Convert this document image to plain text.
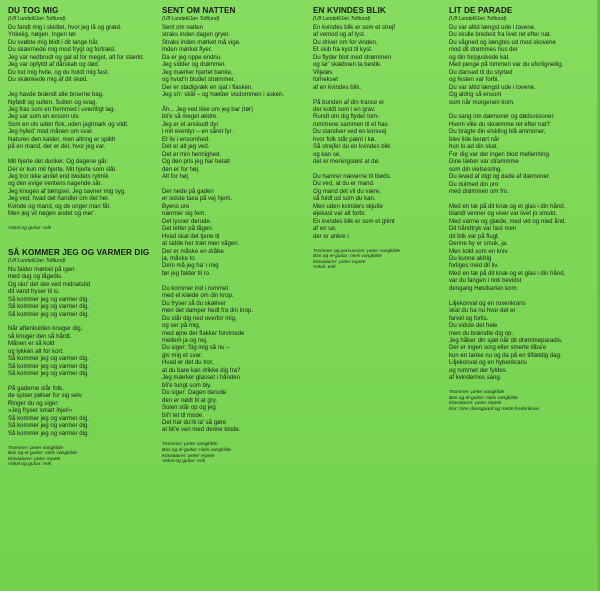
DU TOG MIG
(Ulf Lundell/Jan Toftlund)
Du fandt mig i skidtet, hvor jeg lå og græd.
Ynkelig, nøgen. Ingen tør.
Du svøbte mig blidt i dit lange hår.
Du skærmede mig mod frygt og fortræd.
Jeg var nedbrudt og gal af for meget, alt for stærkt.
Jeg var opfyldt af dårskab og død.
Du lod mig hvile, og du holdt mig fast.
Du skænkede mig af dit skød.
Jeg havde brændt alle broerne bag.
Nyfødt og sulten. Sulten og svag.
Jeg fras som en fremmed i uventligt lag.
Jeg var som en ensom ulv.
Som en ulv uden flok, uden jagtmark og vildt.
Jeg hyled' mod månen om svar.
Naturen den kalder, men altring er spildt
på en mand, der er dér, hvor jeg var.
Mit hjerte det dunker. Og dagene går.
Der er kun mit hjerte. Mit hjerte som slår.
Jeg tror ikke andet end blodets rytmik
og den evige ventens nagende sår.
Jeg knuges af tængsel. Jeg savner mig syg.
Jeg ved, hvad det handler om det her.
Kvinde og mand, og de unger man får.
Men jeg vil nøgen andet og mer'.
Vokal og guitar: erik
SÅ KOMMER JEG OG VARMER DIG
(Ulf Lundell/Jan Toftlund)
Nu falder mørket på igen
med dug og tågedis.
Og sku' det ske ved midnatstid
dit vand fryser til is.
Så kommer jeg og varmer dig.
Så kommer jeg og varmer dig.
Så kommer jeg og varmer dig.
Når aftenkulden knuger dig,
så knuger den så hårdt.
Månen er så kold
og lykken alt for kort.
Så kommer jeg og varmer dig.
Så kommer jeg og varmer dig.
Så kommer jeg og varmer dig.
På gaderne står folk,
de spiser pølser for sig selv.
Ringer du og siger:
»Jeg fryser smart ihjel!«
Så kommer jeg og varmer dig.
Så kommer jeg og varmer dig.
Så kommer jeg og varmer dig.
Trommer: peter vangkilde
Bas og el-guitar: niels vangkilde
Klaviaturer: peter repete
Vokal og guitar: erik
SENT OM NATTEN
(Ulf Lundell/Jan Toftlund)
Sent om natten
straks inden dagen gryer.
Straks inden mørket må vige.
Inden mørket flyer.
Da er jeg oppe endnu.
Jeg sidder og drømmer.
Jeg mærker hjertet banke,
og hvod'n blodet strømmer.
Der er stadigvæk en sjat i flasken.
Jeg si'r: skål – og hælder visdommen i asken.
Åh... Jeg ved ikke om jeg bar (tør)
bli'e så meget ældre.
Jeg er et anskudt dyr
i mit eventyr – en såret fyr.
Et liv i ensomhed.
Det er alt jeg ved.
Det er min hemlighed.
Og den pris jeg har betalt
den er for høj.
Alt for høj.
Der nede på gaden
er sidste taxa på vej hjem.
Byens ure
nærmer sig fem.
Det lysner derude.
Det letter på tågen.
Hvad skal det tjene til
at sidde her træt men vågen.
Der er måske en dråbe
ja, måske to.
Dem må jeg ha' i mig
før jeg falder til ro.
Du kommer ind i rummet
med et klæde om din krop.
Du fryser så du skælver
men det damper hedt fra din krop.
Du står dig ned overfor mig,
og ser på mig,
med øjne der flakker forvirrede
mellem ja og nej.
Du siger: Sig mig så nu –
giv mig et svar.
Hvad er det du tror,
at du bare kan drikke dig fra?
Jeg mærker glasset i hånden
bli'e tungt som bly.
Du siger: Dagen derude
den er nødt til at gry.
Solen står op og jeg
bli'r let til mode.
Det har du'rk la' så gøre
at bli'e ven med denne klode.
Trommer: peter vangkilde
Bas og el-guitar: niels vangkilde
Klaviaturer: peter repete
Vokal og guitar: erik
EN KVINDES BLIK
(Ulf Lundell/Jan Toftlund)
En kvindes blik er som et strejf
af vemod og af lyst.
Du driver om for vinden.
Et skib fra kyst til kyst.
Du flyder blot med strømmen
og lar' skæbnen ta bestik.
Viljeløs
forhekset
af en kvindes blik.
På bunden af din trance er
der koldt som i en grav.
Rundt om dig flyder tom-
rummene sammen til et hav.
Du standser ved en korsvej
hvor folk står pænt i kø.
Så strejfer du en kvindes blik
og kan se,
det er meningsløst at dø.
Du hamrer næverne til bløds.
Du ved, at du er mand.
Og mand det vil du være,
så fuldt ud som du kan.
Men uden kvinders skjulte
øjekast var alt forbi.
En kvindes blik er som et glimt
af en sø,
der er ankre i.
Trommer og percussion: peter vangkilde
Bas og el-guitar: niels vangkilde
Klaviaturer: peter repete
Vokal: erik
LIT DE PARADE
(Ulf Lundell/Jan Toftlund)
Du var altid længst ude i tovene.
Du skulle bredest fra livet ret efter nat.
Du vågned og længtes ud mod skovene
mod dit drømmes hus der
og din forpjuskede kat.
Med penge på lommen var du uforligneilig.
Du dansed til du styrted
og festen var forbi.
Du var altid længst ude i tovene.
Og aldrig så ensom
som når morgenen kom.
Du sang om dæmoner og dødsvisioner.
Hvem ville du skræmme ret efter nat?
Du bragte din elskling blå ammoner,
blev lide berørt når
hun lo ad din skat.
For dig var der ingen blod mellemting.
Dine læber var strammme
som din vielsesring.
Du leved af digt og dade af dæmoner.
Du dulmed din uro
med drømmen om fro.
Med en tæ på dit knæ og et glas i din hånd,
blandt venner og viser var livet jo smukt.
Med varme og glæde, med vid og med ånd.
Dit håndtryk var fast men
dit blik var på flugt.
Denne by er smuk, ja.
Men kold som en kniv.
Du kunne aldrig
forliges med dit liv.
Med en tæ på dit knæ og et glas i din hånd,
var du fangen i nok bevidst
dengang Høstkarlen kom.
Liljekonval og en rosenkrans
skal du ha nu hvor det er
farvel og forlis.
Du vidste det hele
men du brændte dig op.
Jeg håber din sjæl når dit drømmeparadis.
Der er ingen sorg eller smerte tilba'e
kun en tanke nu og da på en tilfældig dag.
Liljekonval og en hybenkrans
og rummet der fyldes
af kvindernes sang.
Trommer: peter vangkilde
Bas og el-guitar: niels vangkilde
Klaviaturer: peter repete
Kor: trine dansgaard og mette frederiksen
